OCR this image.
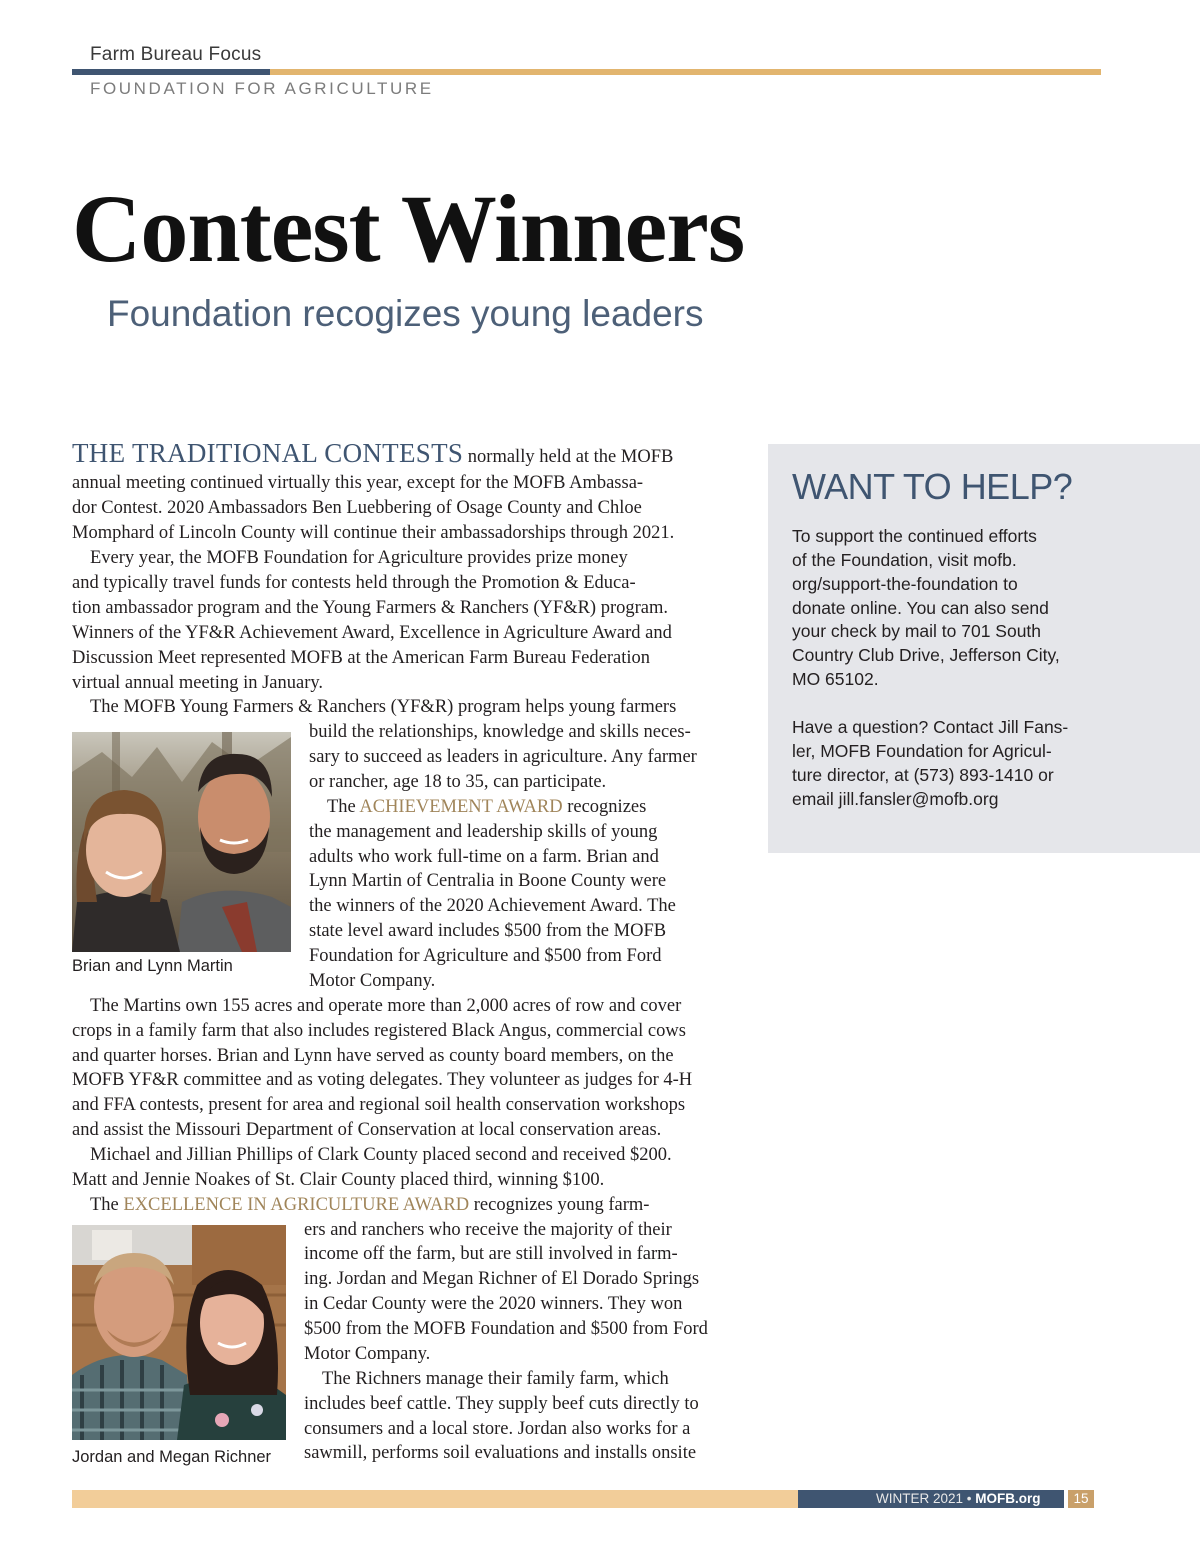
Farm Bureau Focus
FOUNDATION FOR AGRICULTURE
Contest Winners
Foundation recogizes young leaders
THE TRADITIONAL CONTESTS normally held at the MOFB
annual meeting continued virtually this year, except for the MOFB Ambassa-
dor Contest. 2020 Ambassadors Ben Luebbering of Osage County and Chloe
Momphard of Lincoln County will continue their ambassadorships through 2021.
Every year, the MOFB Foundation for Agriculture provides prize money
and typically travel funds for contests held through the Promotion & Educa-
tion ambassador program and the Young Farmers & Ranchers (YF&R) program.
Winners of the YF&R Achievement Award, Excellence in Agriculture Award and
Discussion Meet represented MOFB at the American Farm Bureau Federation
virtual annual meeting in January.
The MOFB Young Farmers & Ranchers (YF&R) program helps young farmers
build the relationships, knowledge and skills neces-
sary to succeed as leaders in agriculture. Any farmer
or rancher, age 18 to 35, can participate.
The ACHIEVEMENT AWARD recognizes
the management and leadership skills of young
adults who work full-time on a farm. Brian and
Lynn Martin of Centralia in Boone County were
the winners of the 2020 Achievement Award. The
state level award includes $500 from the MOFB
Foundation for Agriculture and $500 from Ford
Motor Company.
The Martins own 155 acres and operate more than 2,000 acres of row and cover
crops in a family farm that also includes registered Black Angus, commercial cows
and quarter horses. Brian and Lynn have served as county board members, on the
MOFB YF&R committee and as voting delegates. They volunteer as judges for 4-H
and FFA contests, present for area and regional soil health conservation workshops
and assist the Missouri Department of Conservation at local conservation areas.
Michael and Jillian Phillips of Clark County placed second and received $200.
Matt and Jennie Noakes of St. Clair County placed third, winning $100.
The EXCELLENCE IN AGRICULTURE AWARD recognizes young farm-
ers and ranchers who receive the majority of their
income off the farm, but are still involved in farm-
ing. Jordan and Megan Richner of El Dorado Springs
in Cedar County were the 2020 winners. They won
$500 from the MOFB Foundation and $500 from Ford
Motor Company.
The Richners manage their family farm, which
includes beef cattle. They supply beef cuts directly to
consumers and a local store. Jordan also works for a
sawmill, performs soil evaluations and installs onsite
Brian and Lynn Martin
Jordan and Megan Richner
WANT TO HELP?
To support the continued efforts
of the Foundation, visit mofb.
org/support-the-foundation to
donate online. You can also send
your check by mail to 701 South
Country Club Drive, Jefferson City,
MO 65102.
Have a question? Contact Jill Fans-
ler, MOFB Foundation for Agricul-
ture director, at (573) 893-1410 or
email jill.fansler@mofb.org
WINTER 2021 • MOFB.org	15
